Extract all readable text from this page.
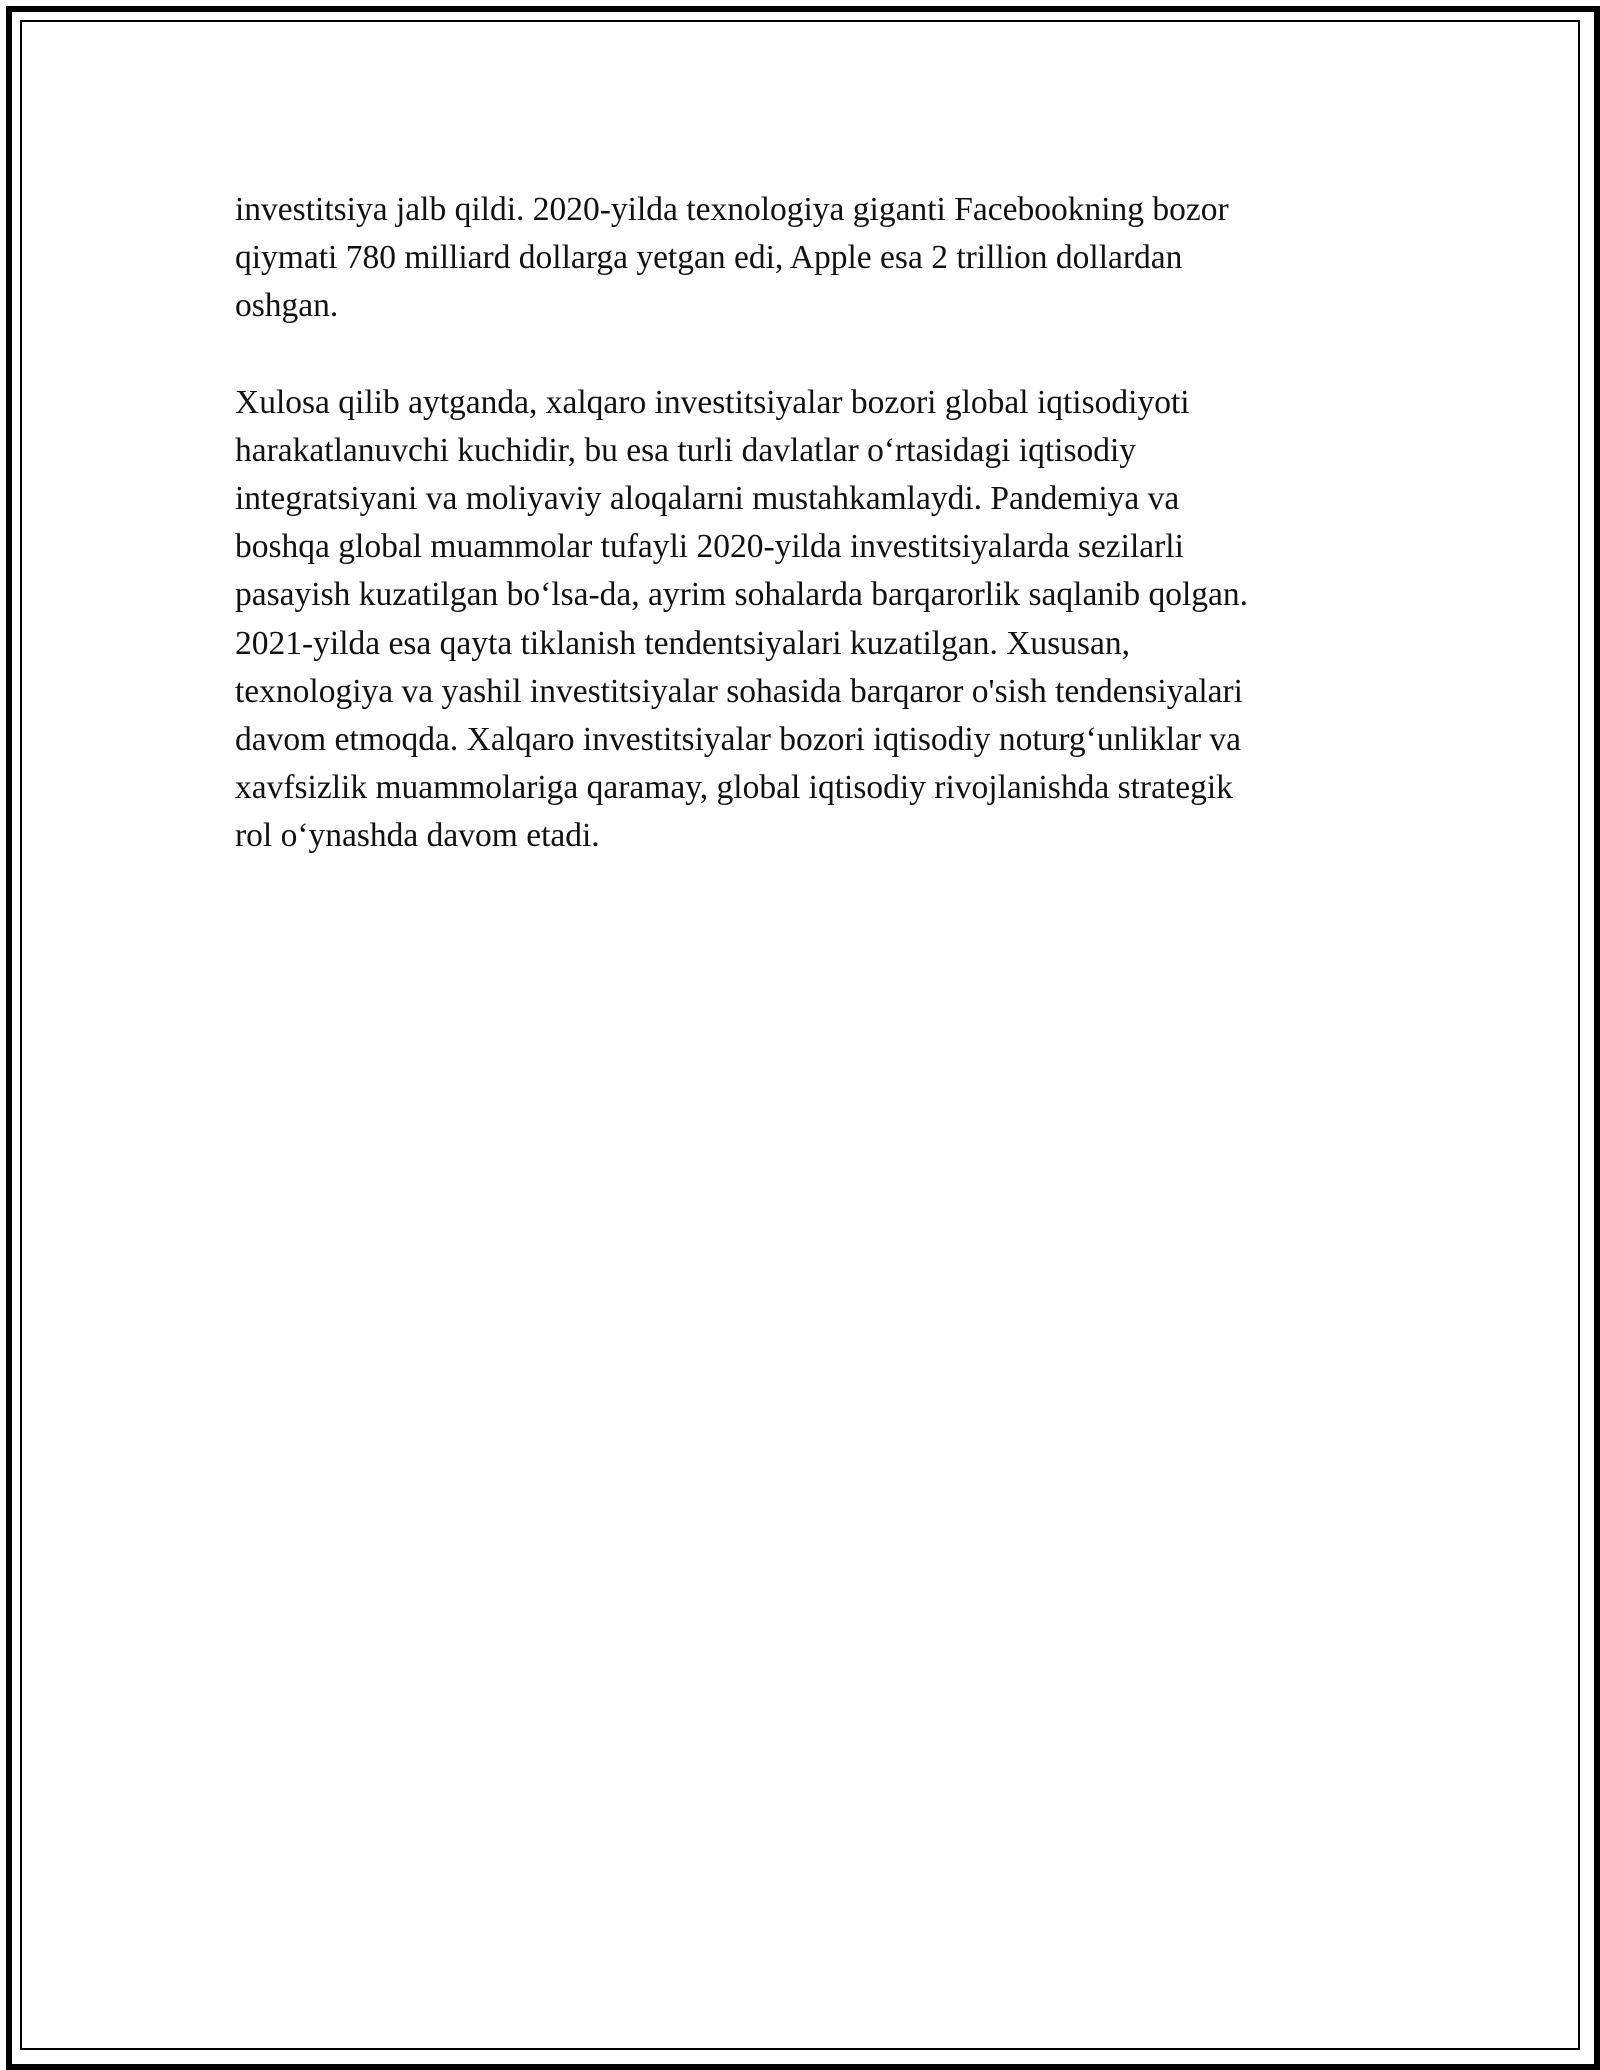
investitsiya jalb qildi. 2020-yilda texnologiya giganti Facebookning bozor
qiymati 780 milliard dollarga yetgan edi, Apple esa 2 trillion dollardan
oshgan.

Xulosa qilib aytganda, xalqaro investitsiyalar bozori global iqtisodiyoti
harakatlanuvchi kuchidir, bu esa turli davlatlar o‘rtasidagi iqtisodiy
integratsiyani va moliyaviy aloqalarni mustahkamlaydi. Pandemiya va
boshqa global muammolar tufayli 2020-yilda investitsiyalarda sezilarli
pasayish kuzatilgan bo‘lsa-da, ayrim sohalarda barqarorlik saqlanib qolgan.
2021-yilda esa qayta tiklanish tendentsiyalari kuzatilgan. Xususan,
texnologiya va yashil investitsiyalar sohasida barqaror o'sish tendensiyalari
davom etmoqda. Xalqaro investitsiyalar bozori iqtisodiy noturg‘unliklar va
xavfsizlik muammolariga qaramay, global iqtisodiy rivojlanishda strategik
rol o‘ynashda davom etadi.
